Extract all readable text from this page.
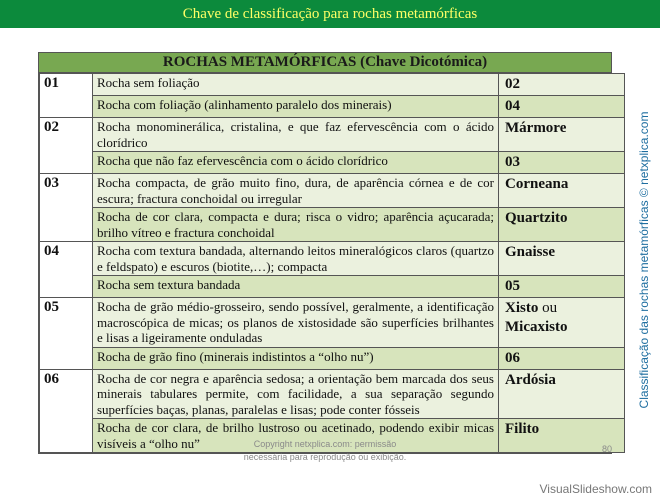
Chave de classificação para rochas metamórficas
ROCHAS METAMÓRFICAS (Chave Dicotómica)
01	Rocha sem foliação	02
	Rocha com foliação (alinhamento paralelo dos minerais)	04
02	Rocha monominerálica, cristalina, e que faz efervescência com o ácido clorídrico	Mármore
	Rocha que não faz efervescência com o ácido clorídrico	03
03	Rocha compacta, de grão muito fino, dura, de aparência córnea e de cor escura; fractura conchoidal ou irregular	Corneana
	Rocha de cor clara, compacta e dura; risca o vidro; aparência açucarada; brilho vítreo e fractura conchoidal	Quartzito
04	Rocha com textura bandada, alternando leitos mineralógicos claros (quartzo e feldspato) e escuros (biotite,…); compacta	Gnaisse
	Rocha sem textura bandada	05
05	Rocha de grão médio-grosseiro, sendo possível, geralmente, a identificação macroscópica de micas; os planos de xistosidade são superfícies brilhantes e lisas a ligeiramente onduladas	Xisto ou
Micaxisto
	Rocha de grão fino (minerais indistintos a “olho nu”)	06
06	Rocha de cor negra e aparência sedosa; a orientação bem marcada dos seus minerais tabulares permite, com facilidade, a sua separação segundo superfícies baças, planas, paralelas e lisas; pode conter fósseis	Ardósia
	Rocha de cor clara, de brilho lustroso ou acetinado, podendo exibir micas visíveis a “olho nu”	Filito
Classificação das rochas metamórficas © netxplica.com
Copyright netxplica.com: permissão
necessária para reprodução ou exibição.
80
VisualSlideshow.com
